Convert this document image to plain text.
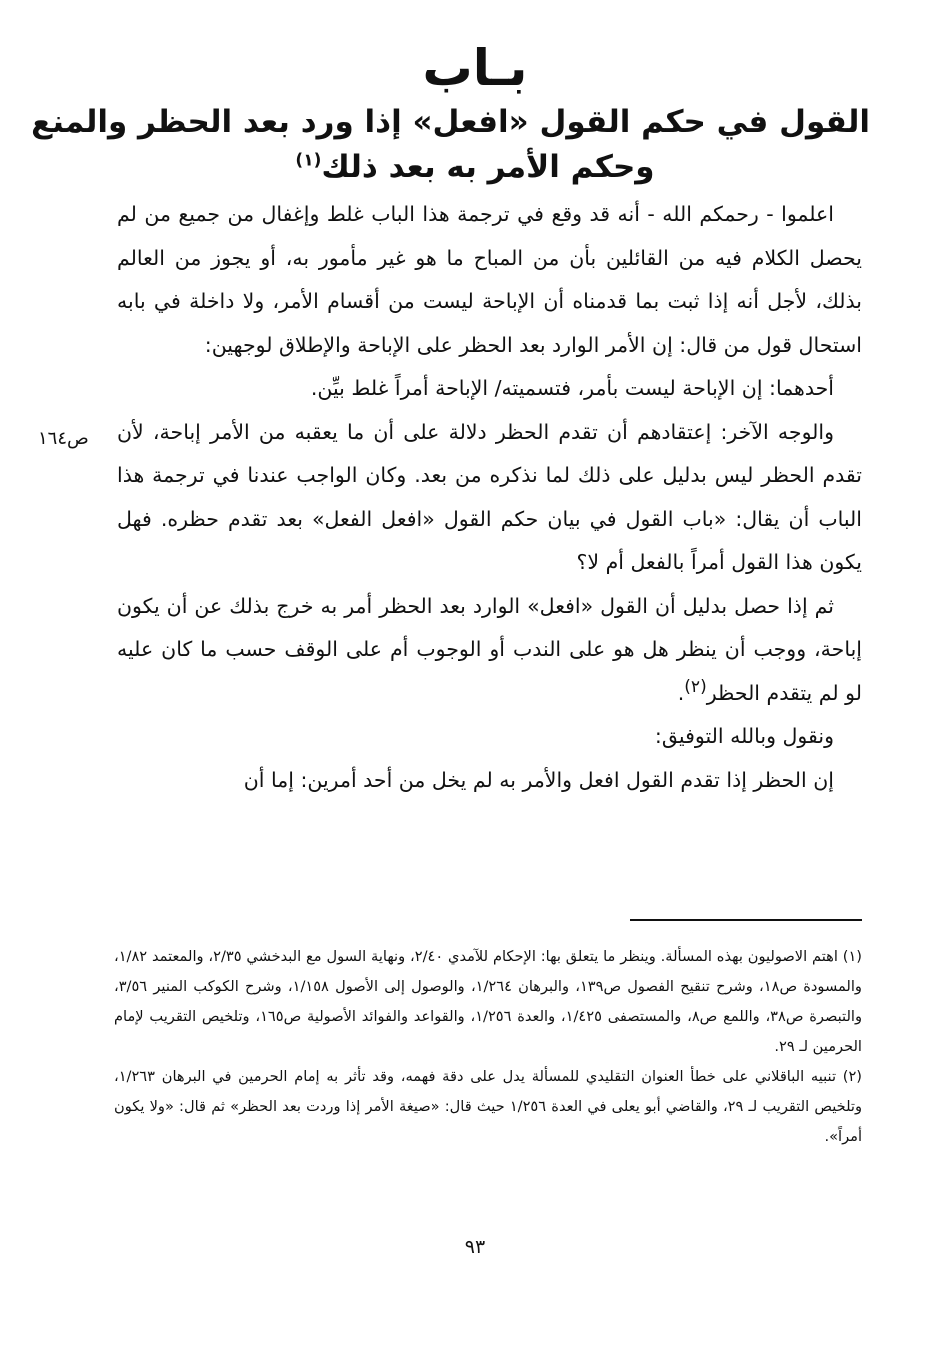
بـاب
القول في حكم القول «افعل» إذا ورد بعد الحظر والمنع
وحكم الأمر به بعد ذلك$^{(١)}$

اعلموا - رحمكم الله - أنه قد وقع في ترجمة هذا الباب غلط وإغفال من جميع من لم يحصل الكلام فيه من القائلين بأن من المباح ما هو غير مأمور به، أو يجوز من العالم بذلك، لأجل أنه إذا ثبت بما قدمناه أن الإباحة ليست من أقسام الأمر، ولا داخلة في بابه استحال قول من قال: إن الأمر الوارد بعد الحظر على الإباحة والإطلاق لوجهين:

أحدهما: إن الإباحة ليست بأمر، فتسميته/ الإباحة أمراً غلط بيِّن.

والوجه الآخر: إعتقادهم أن تقدم الحظر دلالة على أن ما يعقبه من الأمر إباحة، لأن تقدم الحظر ليس بدليل على ذلك لما نذكره من بعد. وكان الواجب عندنا في ترجمة هذا الباب أن يقال: «باب القول في بيان حكم القول «افعل الفعل» بعد تقدم حظره. فهل يكون هذا القول أمراً بالفعل أم لا؟

ثم إذا حصل بدليل أن القول «افعل» الوارد بعد الحظر أمر به خرج بذلك عن أن يكون إباحة، ووجب أن ينظر هل هو على الندب أو الوجوب أم على الوقف حسب ما كان عليه لو لم يتقدم الحظر$^{(٢)}$.

ونقول وبالله التوفيق:

إن الحظر إذا تقدم القول افعل والأمر به لم يخل من أحد أمرين: إما أن

ص١٦٤

(١) اهتم الاصوليون بهذه المسألة. وينظر ما يتعلق بها: الإحكام للآمدي ٢/٤٠، ونهاية السول مع البدخشي ٢/٣٥، والمعتمد ١/٨٢، والمسودة ص١٨، وشرح تنقيح الفصول ص١٣٩، والبرهان ١/٢٦٤، والوصول إلى الأصول ١/١٥٨، وشرح الكوكب المنير ٣/٥٦، والتبصرة ص٣٨، واللمع ص٨، والمستصفى ١/٤٢٥، والعدة ١/٢٥٦، والقواعد والفوائد الأصولية ص١٦٥، وتلخيص التقريب لإمام الحرمين لـ ٢٩.

(٢) تنبيه الباقلاني على خطأ العنوان التقليدي للمسألة يدل على دقة فهمه، وقد تأثر به إمام الحرمين في البرهان ١/٢٦٣، وتلخيص التقريب لـ ٢٩، والقاضي أبو يعلى في العدة ١/٢٥٦ حيث قال: «صيغة الأمر إذا وردت بعد الحظر» ثم قال: «ولا يكون أمراً».

٩٣
